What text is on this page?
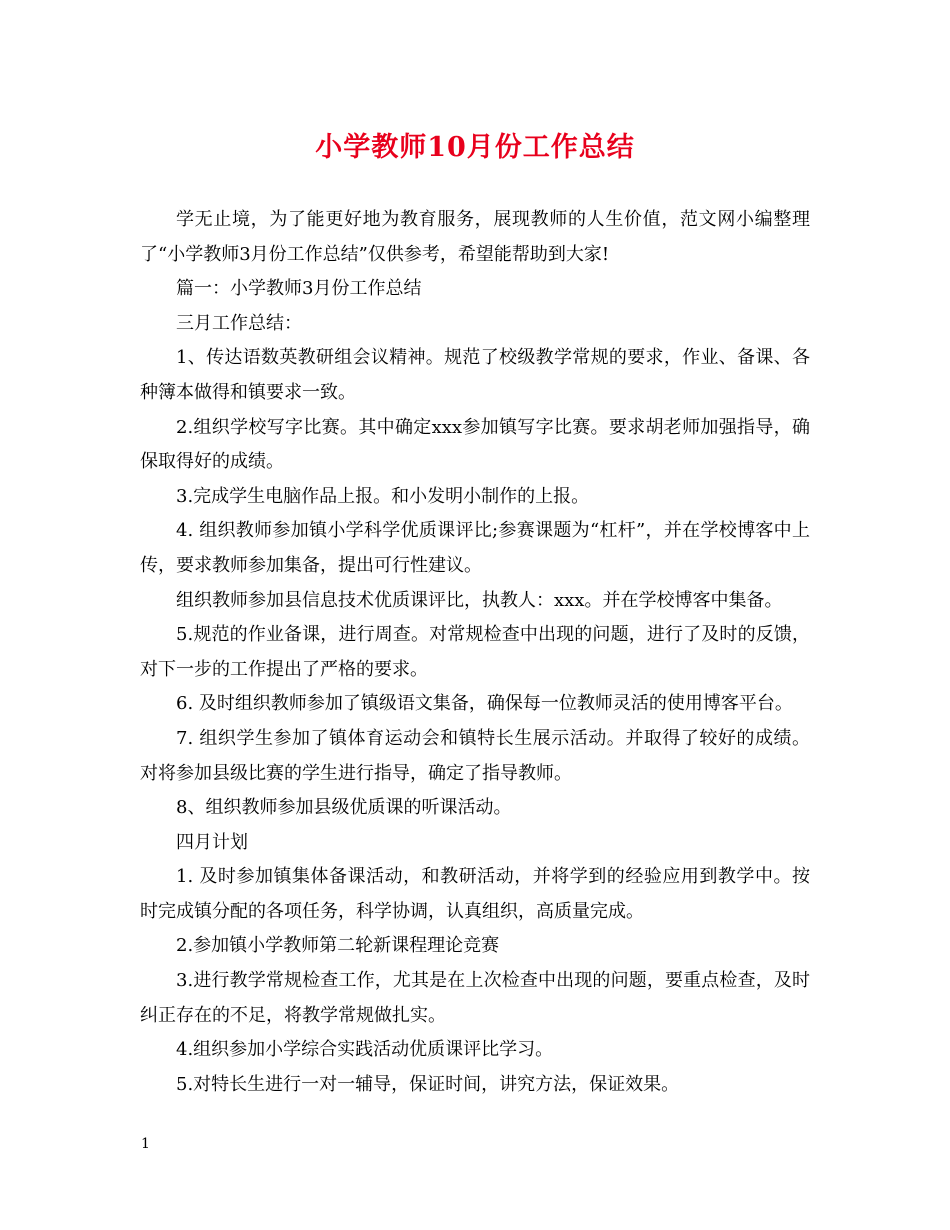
小学教师10月份工作总结

学无止境，为了能更好地为教育服务，展现教师的人生价值，范文网小编整理了“小学教师3月份工作总结”仅供参考，希望能帮助到大家!

篇一：小学教师3月份工作总结

三月工作总结：

1、传达语数英教研组会议精神。规范了校级教学常规的要求，作业、备课、各种簿本做得和镇要求一致。

2.组织学校写字比赛。其中确定xxx参加镇写字比赛。要求胡老师加强指导，确保取得好的成绩。

3.完成学生电脑作品上报。和小发明小制作的上报。

4. 组织教师参加镇小学科学优质课评比;参赛课题为“杠杆”，并在学校博客中上传，要求教师参加集备，提出可行性建议。

组织教师参加县信息技术优质课评比，执教人：xxx。并在学校博客中集备。

5.规范的作业备课，进行周查。对常规检查中出现的问题，进行了及时的反馈，对下一步的工作提出了严格的要求。

6. 及时组织教师参加了镇级语文集备，确保每一位教师灵活的使用博客平台。

7. 组织学生参加了镇体育运动会和镇特长生展示活动。并取得了较好的成绩。对将参加县级比赛的学生进行指导，确定了指导教师。

8、组织教师参加县级优质课的听课活动。

四月计划

1. 及时参加镇集体备课活动，和教研活动，并将学到的经验应用到教学中。按时完成镇分配的各项任务，科学协调，认真组织，高质量完成。

2.参加镇小学教师第二轮新课程理论竞赛

3.进行教学常规检查工作，尤其是在上次检查中出现的问题，要重点检查，及时纠正存在的不足，将教学常规做扎实。

4.组织参加小学综合实践活动优质课评比学习。

5.对特长生进行一对一辅导，保证时间，讲究方法，保证效果。

1
